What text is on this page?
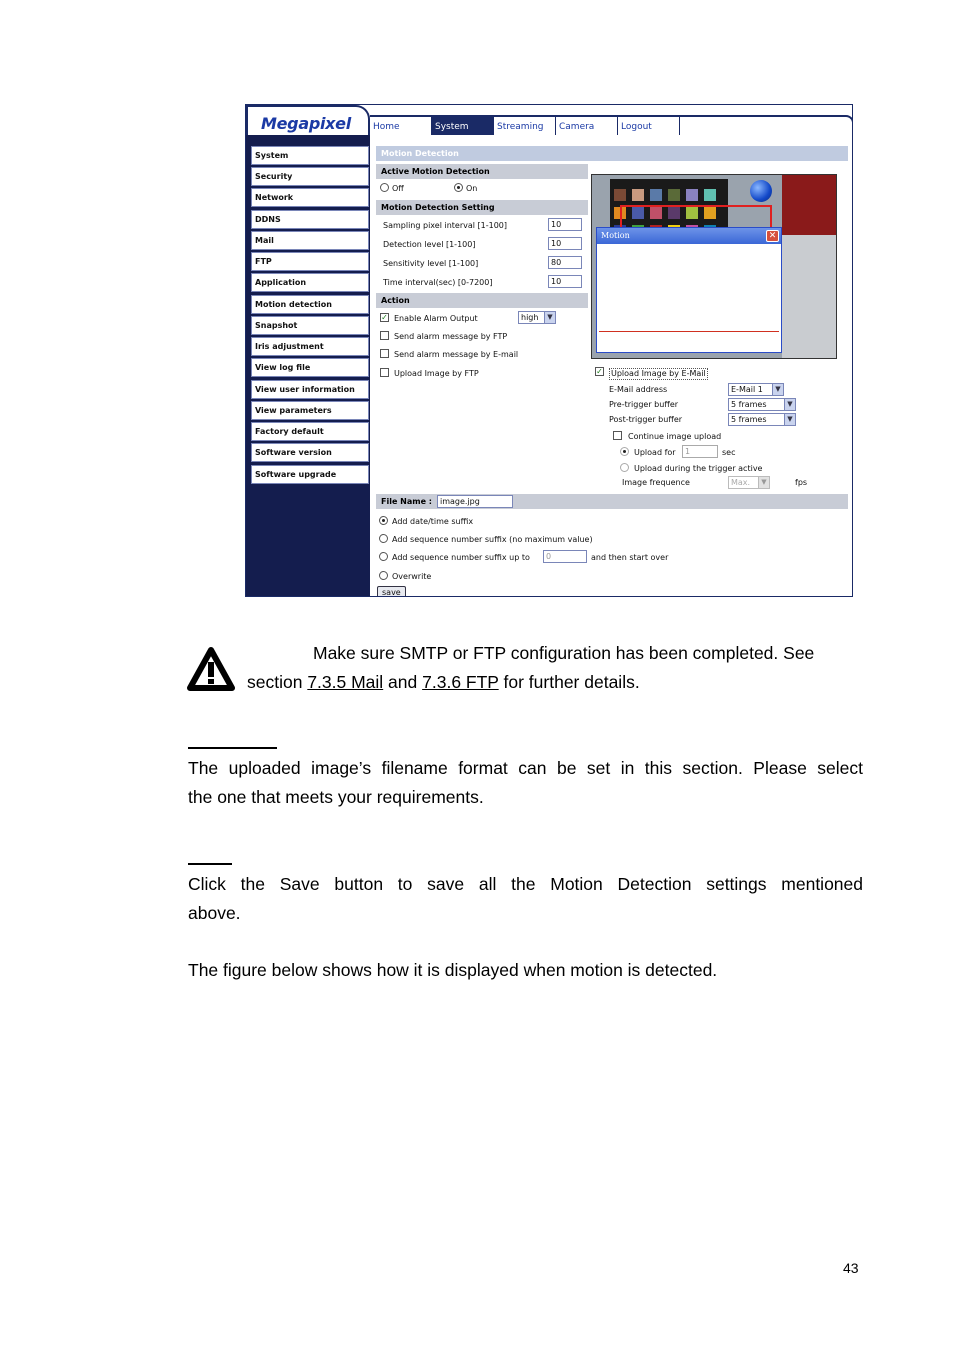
Megapixel	Home	System	Streaming	Camera	Logout
System
Security
Network
DDNS
Mail
FTP
Application
Motion detection
Snapshot
Iris adjustment
View log file
View user information
View parameters
Factory default
Software version
Software upgrade
Motion Detection
Active Motion Detection
Off	On
Motion Detection Setting
Sampling pixel interval [1-100]	10
Detection level [1-100]	10
Sensitivity level [1-100]	80
Time interval(sec) [0-7200]	10
Action
✓ Enable Alarm Output	high	▼
Send alarm message by FTP
Send alarm message by E-mail
Upload Image by FTP
Motion	✕
✓ Upload Image by E-Mail
E-Mail address	E-Mail 1	▼
Pre-trigger buffer	5 frames	▼
Post-trigger buffer	5 frames	▼
Continue image upload
Upload for	1	sec
Upload during the trigger active
Image frequence	Max.	▼	fps
File Name :	image.jpg
Add date/time suffix
Add sequence number suffix (no maximum value)
Add sequence number suffix up to	0	and then start over
Overwrite
save
Make sure SMTP or FTP configuration has been completed. See
section 7.3.5 Mail and 7.3.6 FTP for further details.
The uploaded image’s filename format can be set in this section. Please select
the one that meets your requirements.
Click the Save button to save all the Motion Detection settings mentioned
above.
The figure below shows how it is displayed when motion is detected.
43
